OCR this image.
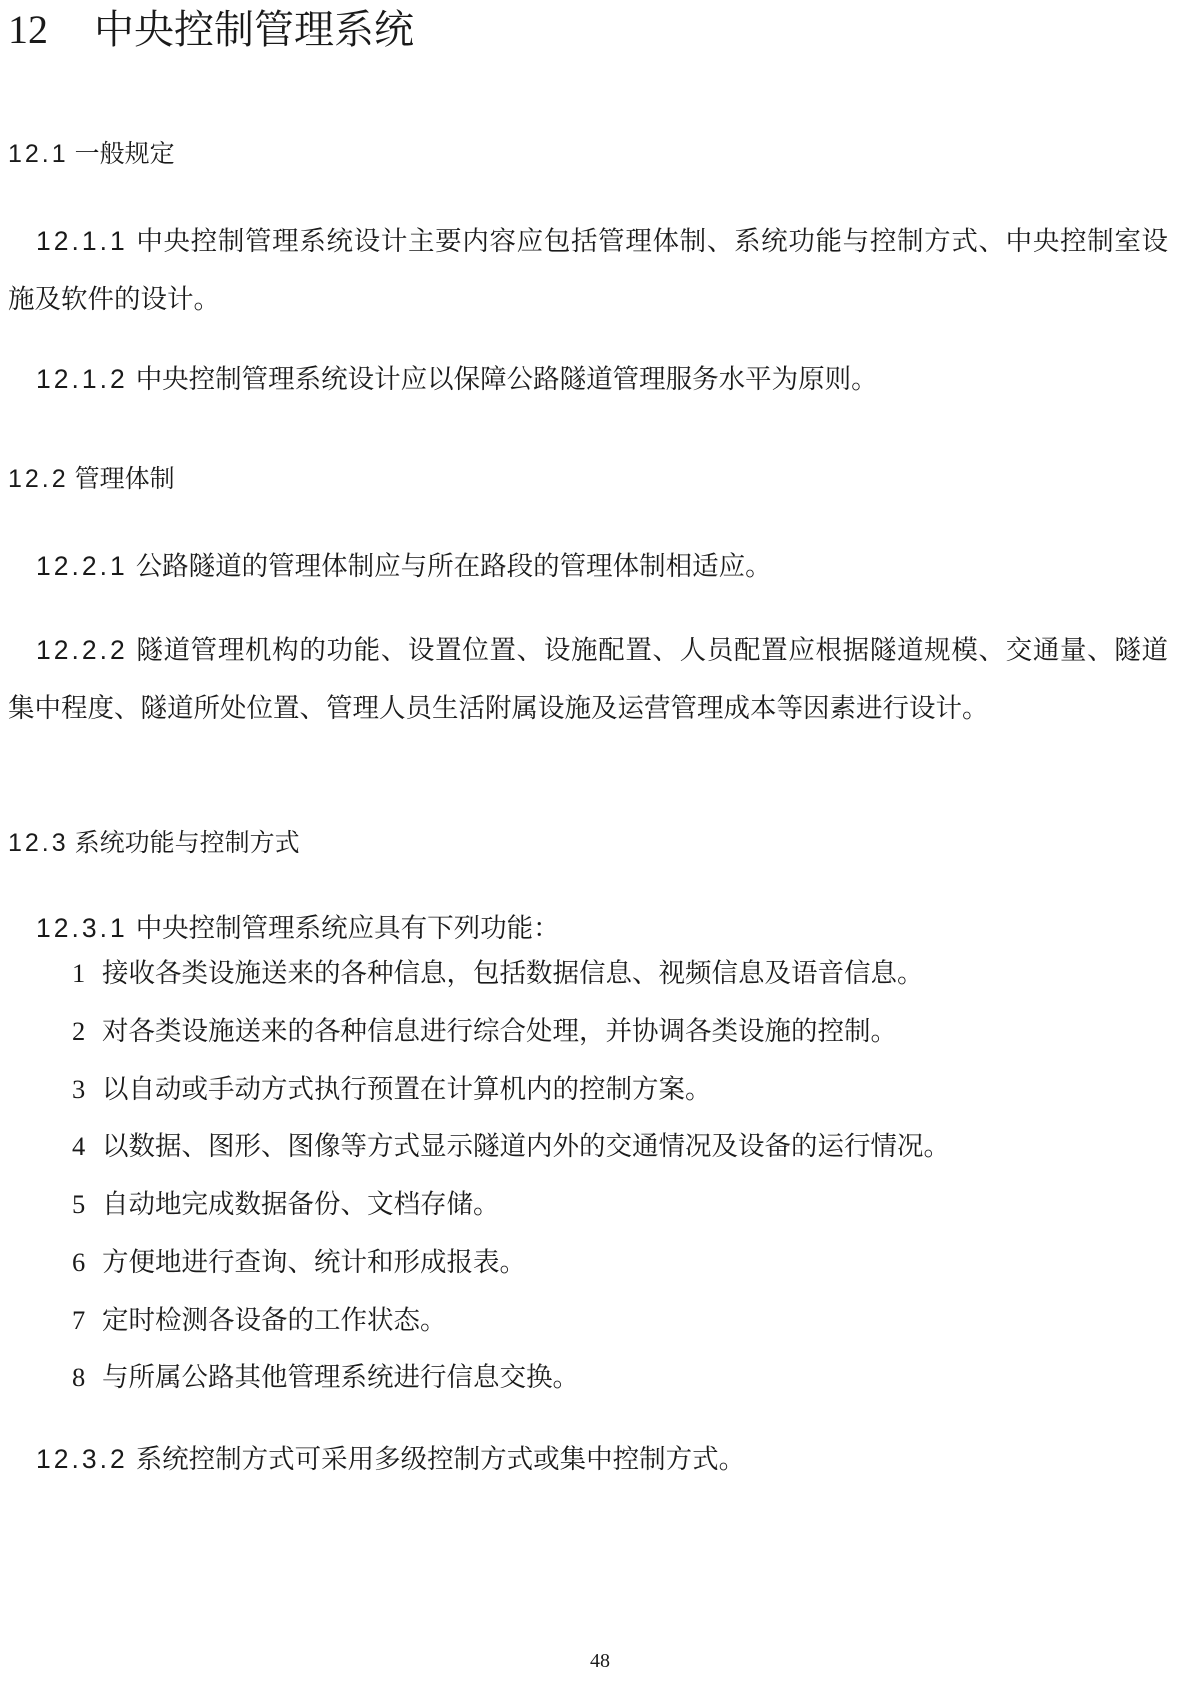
12 中央控制管理系统
12.1 一般规定
12.1.1 中央控制管理系统设计主要内容应包括管理体制、系统功能与控制方式、中央控制室设施及软件的设计。
12.1.2 中央控制管理系统设计应以保障公路隧道管理服务水平为原则。
12.2 管理体制
12.2.1 公路隧道的管理体制应与所在路段的管理体制相适应。
12.2.2 隧道管理机构的功能、设置位置、设施配置、人员配置应根据隧道规模、交通量、隧道集中程度、隧道所处位置、管理人员生活附属设施及运营管理成本等因素进行设计。
12.3 系统功能与控制方式
12.3.1 中央控制管理系统应具有下列功能：
1 接收各类设施送来的各种信息，包括数据信息、视频信息及语音信息。
2 对各类设施送来的各种信息进行综合处理，并协调各类设施的控制。
3 以自动或手动方式执行预置在计算机内的控制方案。
4 以数据、图形、图像等方式显示隧道内外的交通情况及设备的运行情况。
5 自动地完成数据备份、文档存储。
6 方便地进行查询、统计和形成报表。
7 定时检测各设备的工作状态。
8 与所属公路其他管理系统进行信息交换。
12.3.2 系统控制方式可采用多级控制方式或集中控制方式。
48
